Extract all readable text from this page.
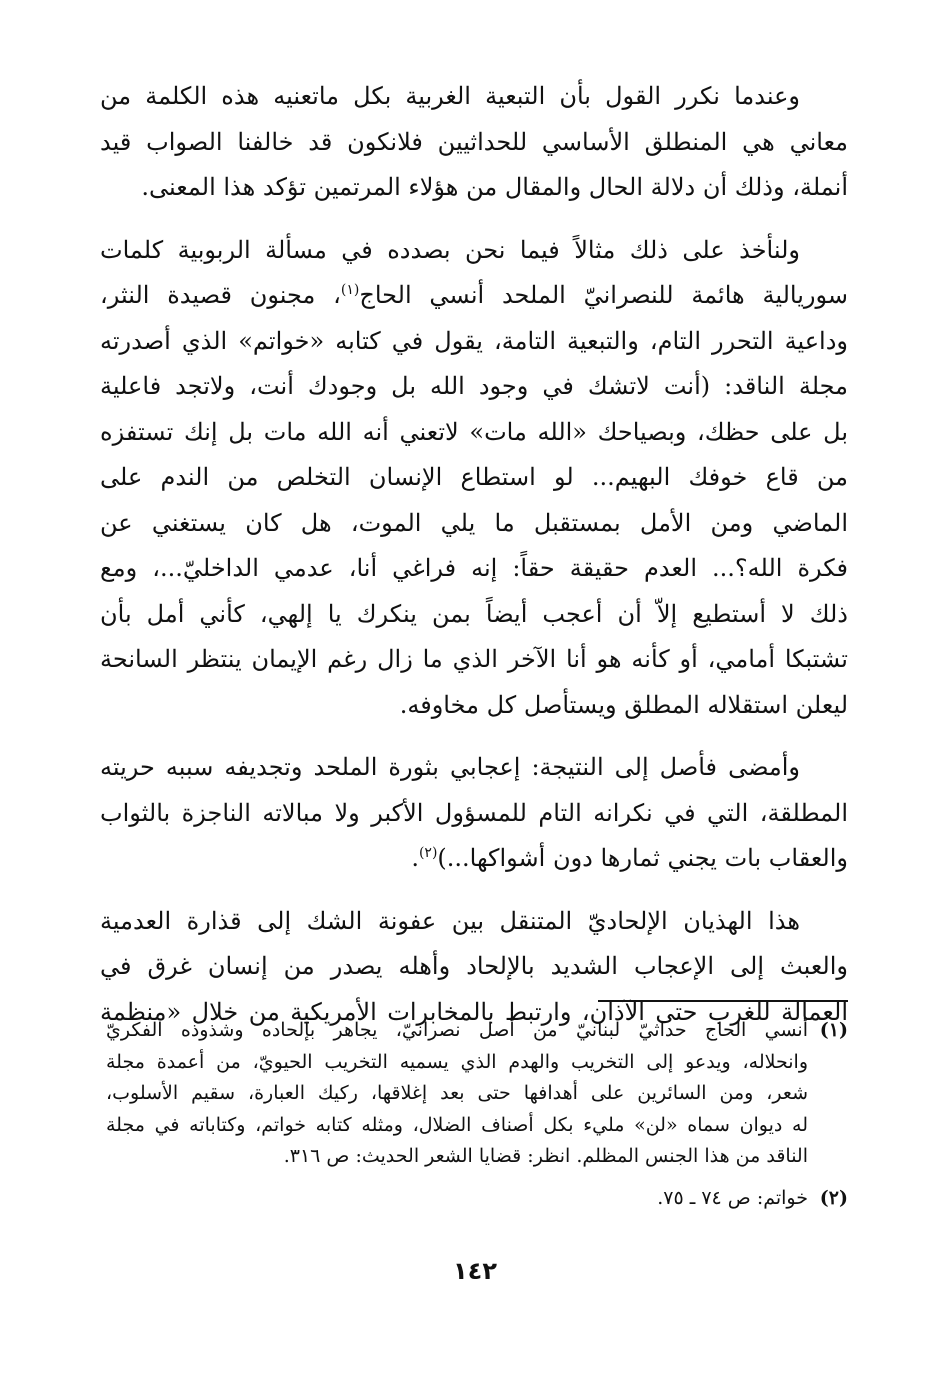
وعندما نكرر القول بأن التبعية الغربية بكل ماتعنيه هذه الكلمة من
معاني هي المنطلق الأساسي للحداثيين فلانكون قد خالفنا الصواب قيد
أنملة، وذلك أن دلالة الحال والمقال من هؤلاء المرتمين تؤكد هذا المعنى.

ولنأخذ على ذلك مثالاً فيما نحن بصدده في مسألة الربوبية كلمات
سوريالية هائمة للنصرانيّ الملحد أنسي الحاج$^{(١)}$، مجنون قصيدة النثر،
وداعية التحرر التام، والتبعية التامة، يقول في كتابه «خواتم» الذي أصدرته
مجلة الناقد: (أنت لاتشك في وجود الله بل وجودك أنت، ولاتجد فاعلية
بل على حظك، وبصياحك «الله مات» لاتعني أنه الله مات بل إنك تستفزه
من قاع خوفك البهيم... لو استطاع الإنسان التخلص من الندم على
الماضي ومن الأمل بمستقبل ما يلي الموت، هل كان يستغني عن
فكرة الله؟... العدم حقيقة حقاً: إنه فراغي أنا، عدمي الداخليّ...، ومع
ذلك لا أستطيع إلاّ أن أعجب أيضاً بمن ينكرك يا إلهي، كأني أمل بأن
تشتبكا أمامي، أو كأنه هو أنا الآخر الذي ما زال رغم الإيمان ينتظر السانحة
ليعلن استقلاله المطلق ويستأصل كل مخاوفه.

وأمضى فأصل إلى النتيجة: إعجابي بثورة الملحد وتجديفه سببه حريته
المطلقة، التي في نكرانه التام للمسؤول الأكبر ولا مبالاته الناجزة بالثواب
والعقاب بات يجني ثمارها دون أشواكها...)$^{(٢)}$.

هذا الهذيان الإلحاديّ المتنقل بين عفونة الشك إلى قذارة العدمية
والعبث إلى الإعجاب الشديد بالإلحاد وأهله يصدر من إنسان غرق في
العمالة للغرب حتى الآذان، وارتبط بالمخابرات الأمريكية من خلال «منظمة

(١)
أنسي الحاج حداثيّ لبنانيّ من أصل نصرانيّ، يجاهر بإلحاده وشذوذه الفكريّ
وانحلاله، ويدعو إلى التخريب والهدم الذي يسميه التخريب الحيويّ، من أعمدة مجلة
شعر، ومن السائرين على أهدافها حتى بعد إغلاقها، ركيك العبارة، سقيم الأسلوب،
له ديوان سماه «لن» مليء بكل أصناف الضلال، ومثله كتابه خواتم، وكتاباته في مجلة
الناقد من هذا الجنس المظلم. انظر: قضايا الشعر الحديث: ص ٣١٦.
(٢)
خواتم: ص ٧٤ ـ ٧٥.
١٤٢
